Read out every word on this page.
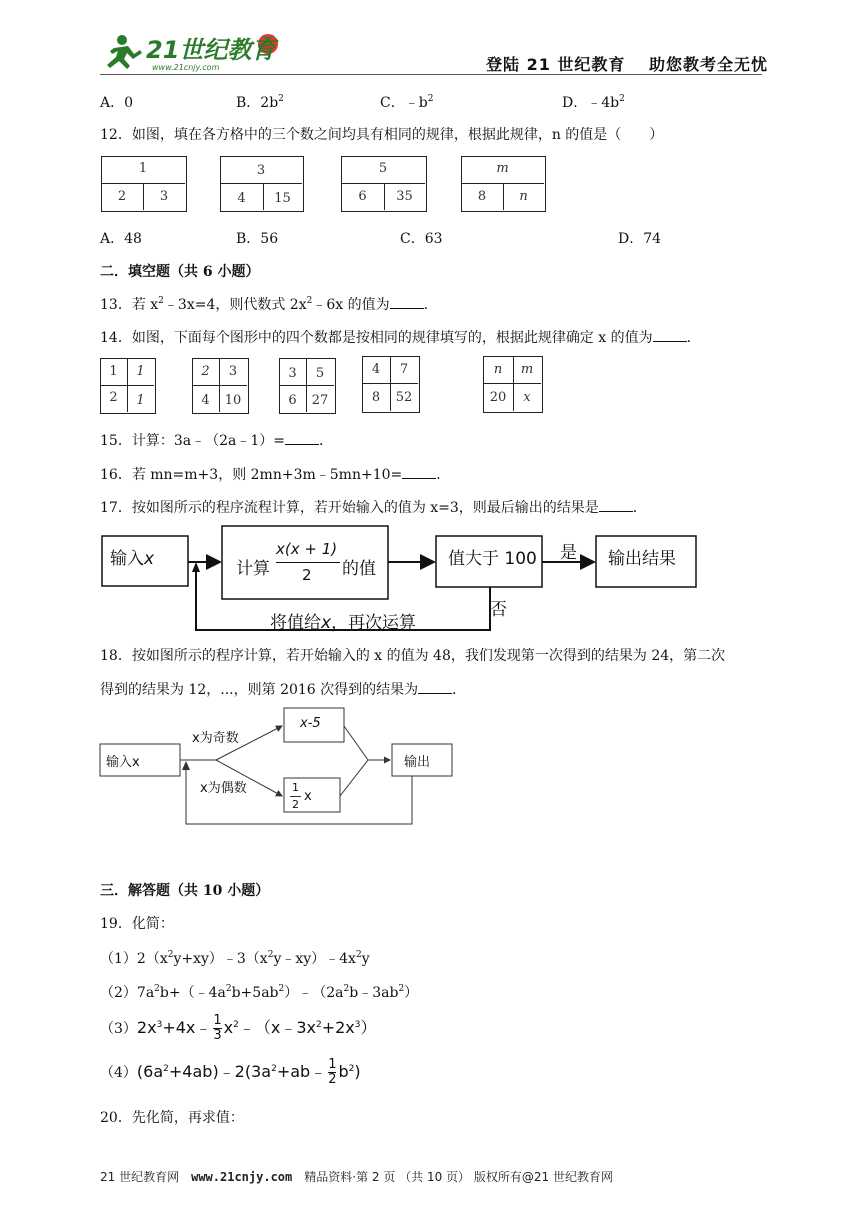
21世纪教育
www.21cnjy.com	登陆 21 世纪教育　 助您教考全无忧
A．0	B．$2b^2$	C．$﹣b^2$	D．$﹣4b^2$
12．如图，填在各方格中的三个数之间均具有相同的规律，根据此规律，n 的值是（　　）
1
2	3
3
4	15
5
6	35
m
8	n
A．48	B．56	C．63	D．74
二．填空题（共 6 小题）
13．若 $x^2﹣3x=4$，则代数式 $2x^2﹣6x$ 的值为 ．
14．如图，下面每个图形中的四个数都是按相同的规律填写的，根据此规律确定 x 的值为 ．
1	1
2	1
2	3
4	10
3	5
6	27
4	7
8	52
n	m
20	x
15．计算：3a﹣（2a﹣1）= ．
16．若 mn=m+3，则 2mn+3m﹣5mn+10= ．
17．按如图所示的程序流程计算，若开始输入的值为 x=3，则最后输出的结果是 ．
输入x	计算
x(x + 1)
2 的值	值大于 100 是
否
输出结果
将值给x，再次运算
18．按如图所示的程序计算，若开始输入的 x 的值为 48，我们发现第一次得到的结果为 24，第二次
得到的结果为 12，...，则第 2016 次得到的结果为 ．
输入x
x为奇数
x为偶数
x-5
1
2
x
输出
三．解答题（共 10 小题）
19．化简：
$(1)2(x^2y+xy)﹣3(x^2y﹣xy)﹣4x^2y$
$(2)7a^2b+(﹣4a^2b+5ab^2)﹣(2a^2b﹣3ab^2)$
$(3)2x^3+4x﹣ \frac{1}{3}$ $x^2﹣(x﹣3x^2+2x^3)$
$(4)(6a^2+4ab)﹣2(3a^2+ab﹣ \frac{1}{2} b^2)$
20．先化简，再求值：
21 世纪教育网　www.21cnjy.com　精品资料·第 2 页 （共 10 页） 版权所有@21 世纪教育网
